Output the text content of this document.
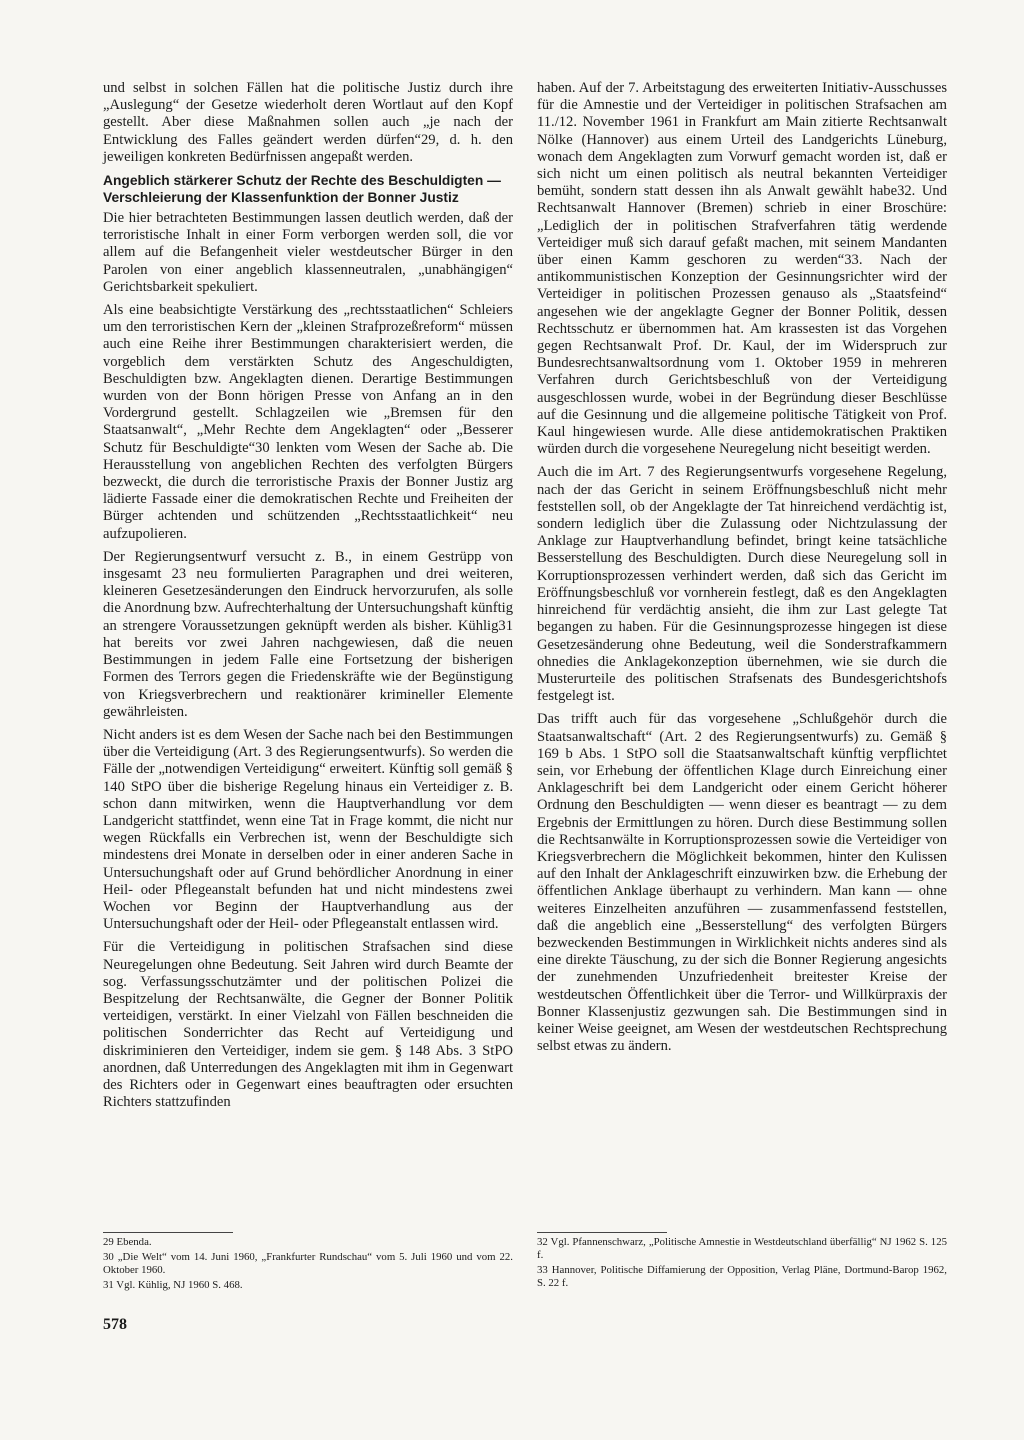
und selbst in solchen Fällen hat die politische Justiz durch ihre „Auslegung“ der Gesetze wiederholt deren Wortlaut auf den Kopf gestellt. Aber diese Maßnahmen sollen auch „je nach der Entwicklung des Falles geändert werden dürfen“29, d. h. den jeweiligen konkreten Bedürfnissen angepaßt werden.

Angeblich stärkerer Schutz der Rechte des Beschuldigten — Verschleierung der Klassenfunktion der Bonner Justiz

Die hier betrachteten Bestimmungen lassen deutlich werden, daß der terroristische Inhalt in einer Form verborgen werden soll, die vor allem auf die Befangenheit vieler westdeutscher Bürger in den Parolen von einer angeblich klassenneutralen, „unabhängigen“ Gerichtsbarkeit spekuliert.

Als eine beabsichtigte Verstärkung des „rechtsstaatlichen“ Schleiers um den terroristischen Kern der „kleinen Strafprozeßreform“ müssen auch eine Reihe ihrer Bestimmungen charakterisiert werden, die vorgeblich dem verstärkten Schutz des Angeschuldigten, Beschuldigten bzw. Angeklagten dienen. Derartige Bestimmungen wurden von der Bonn hörigen Presse von Anfang an in den Vordergrund gestellt. Schlagzeilen wie „Bremsen für den Staatsanwalt“, „Mehr Rechte dem Angeklagten“ oder „Besserer Schutz für Beschuldigte“30 lenkten vom Wesen der Sache ab. Die Herausstellung von angeblichen Rechten des verfolgten Bürgers bezweckt, die durch die terroristische Praxis der Bonner Justiz arg lädierte Fassade einer die demokratischen Rechte und Freiheiten der Bürger achtenden und schützenden „Rechtsstaatlichkeit“ neu aufzupolieren.

Der Regierungsentwurf versucht z. B., in einem Gestrüpp von insgesamt 23 neu formulierten Paragraphen und drei weiteren, kleineren Gesetzesänderungen den Eindruck hervorzurufen, als solle die Anordnung bzw. Aufrechterhaltung der Untersuchungshaft künftig an strengere Voraussetzungen geknüpft werden als bisher. Kühlig31 hat bereits vor zwei Jahren nachgewiesen, daß die neuen Bestimmungen in jedem Falle eine Fortsetzung der bisherigen Formen des Terrors gegen die Friedenskräfte wie der Begünstigung von Kriegsverbrechern und reaktionärer krimineller Elemente gewährleisten.

Nicht anders ist es dem Wesen der Sache nach bei den Bestimmungen über die Verteidigung (Art. 3 des Regierungsentwurfs). So werden die Fälle der „notwendigen Verteidigung“ erweitert. Künftig soll gemäß § 140 StPO über die bisherige Regelung hinaus ein Verteidiger z. B. schon dann mitwirken, wenn die Hauptverhandlung vor dem Landgericht stattfindet, wenn eine Tat in Frage kommt, die nicht nur wegen Rückfalls ein Verbrechen ist, wenn der Beschuldigte sich mindestens drei Monate in derselben oder in einer anderen Sache in Untersuchungshaft oder auf Grund behördlicher Anordnung in einer Heil- oder Pflegeanstalt befunden hat und nicht mindestens zwei Wochen vor Beginn der Hauptverhandlung aus der Untersuchungshaft oder der Heil- oder Pflegeanstalt entlassen wird.

Für die Verteidigung in politischen Strafsachen sind diese Neuregelungen ohne Bedeutung. Seit Jahren wird durch Beamte der sog. Verfassungsschutzämter und der politischen Polizei die Bespitzelung der Rechtsanwälte, die Gegner der Bonner Politik verteidigen, verstärkt. In einer Vielzahl von Fällen beschneiden die politischen Sonderrichter das Recht auf Verteidigung und diskriminieren den Verteidiger, indem sie gem. § 148 Abs. 3 StPO anordnen, daß Unterredungen des Angeklagten mit ihm in Gegenwart des Richters oder in Gegenwart eines beauftragten oder ersuchten Richters stattzufinden

haben. Auf der 7. Arbeitstagung des erweiterten Initiativ-Ausschusses für die Amnestie und der Verteidiger in politischen Strafsachen am 11./12. November 1961 in Frankfurt am Main zitierte Rechtsanwalt Nölke (Hannover) aus einem Urteil des Landgerichts Lüneburg, wonach dem Angeklagten zum Vorwurf gemacht worden ist, daß er sich nicht um einen politisch als neutral bekannten Verteidiger bemüht, sondern statt dessen ihn als Anwalt gewählt habe32. Und Rechtsanwalt Hannover (Bremen) schrieb in einer Broschüre: „Lediglich der in politischen Strafverfahren tätig werdende Verteidiger muß sich darauf gefaßt machen, mit seinem Mandanten über einen Kamm geschoren zu werden“33. Nach der antikommunistischen Konzeption der Gesinnungsrichter wird der Verteidiger in politischen Prozessen genauso als „Staatsfeind“ angesehen wie der angeklagte Gegner der Bonner Politik, dessen Rechtsschutz er übernommen hat. Am krassesten ist das Vorgehen gegen Rechtsanwalt Prof. Dr. Kaul, der im Widerspruch zur Bundesrechtsanwaltsordnung vom 1. Oktober 1959 in mehreren Verfahren durch Gerichtsbeschluß von der Verteidigung ausgeschlossen wurde, wobei in der Begründung dieser Beschlüsse auf die Gesinnung und die allgemeine politische Tätigkeit von Prof. Kaul hingewiesen wurde. Alle diese antidemokratischen Praktiken würden durch die vorgesehene Neuregelung nicht beseitigt werden.

Auch die im Art. 7 des Regierungsentwurfs vorgesehene Regelung, nach der das Gericht in seinem Eröffnungsbeschluß nicht mehr feststellen soll, ob der Angeklagte der Tat hinreichend verdächtig ist, sondern lediglich über die Zulassung oder Nichtzulassung der Anklage zur Hauptverhandlung befindet, bringt keine tatsächliche Besserstellung des Beschuldigten. Durch diese Neuregelung soll in Korruptionsprozessen verhindert werden, daß sich das Gericht im Eröffnungsbeschluß vor vornherein festlegt, daß es den Angeklagten hinreichend für verdächtig ansieht, die ihm zur Last gelegte Tat begangen zu haben. Für die Gesinnungsprozesse hingegen ist diese Gesetzesänderung ohne Bedeutung, weil die Sonderstrafkammern ohnedies die Anklagekonzeption übernehmen, wie sie durch die Musterurteile des politischen Strafsenats des Bundesgerichtshofs festgelegt ist.

Das trifft auch für das vorgesehene „Schlußgehör durch die Staatsanwaltschaft“ (Art. 2 des Regierungsentwurfs) zu. Gemäß § 169 b Abs. 1 StPO soll die Staatsanwaltschaft künftig verpflichtet sein, vor Erhebung der öffentlichen Klage durch Einreichung einer Anklageschrift bei dem Landgericht oder einem Gericht höherer Ordnung den Beschuldigten — wenn dieser es beantragt — zu dem Ergebnis der Ermittlungen zu hören. Durch diese Bestimmung sollen die Rechtsanwälte in Korruptionsprozessen sowie die Verteidiger von Kriegsverbrechern die Möglichkeit bekommen, hinter den Kulissen auf den Inhalt der Anklageschrift einzuwirken bzw. die Erhebung der öffentlichen Anklage überhaupt zu verhindern. Man kann — ohne weiteres Einzelheiten anzuführen — zusammenfassend feststellen, daß die angeblich eine „Besserstellung“ des verfolgten Bürgers bezweckenden Bestimmungen in Wirklichkeit nichts anderes sind als eine direkte Täuschung, zu der sich die Bonner Regierung angesichts der zunehmenden Unzufriedenheit breitester Kreise der westdeutschen Öffentlichkeit über die Terror- und Willkürpraxis der Bonner Klassenjustiz gezwungen sah. Die Bestimmungen sind in keiner Weise geeignet, am Wesen der westdeutschen Rechtsprechung selbst etwas zu ändern.

29 Ebenda.

30 „Die Welt“ vom 14. Juni 1960, „Frankfurter Rundschau“ vom 5. Juli 1960 und vom 22. Oktober 1960.

31 Vgl. Kühlig, NJ 1960 S. 468.

32 Vgl. Pfannenschwarz, „Politische Amnestie in Westdeutschland überfällig“ NJ 1962 S. 125 f.

33 Hannover, Politische Diffamierung der Opposition, Verlag Pläne, Dortmund-Barop 1962, S. 22 f.

578
